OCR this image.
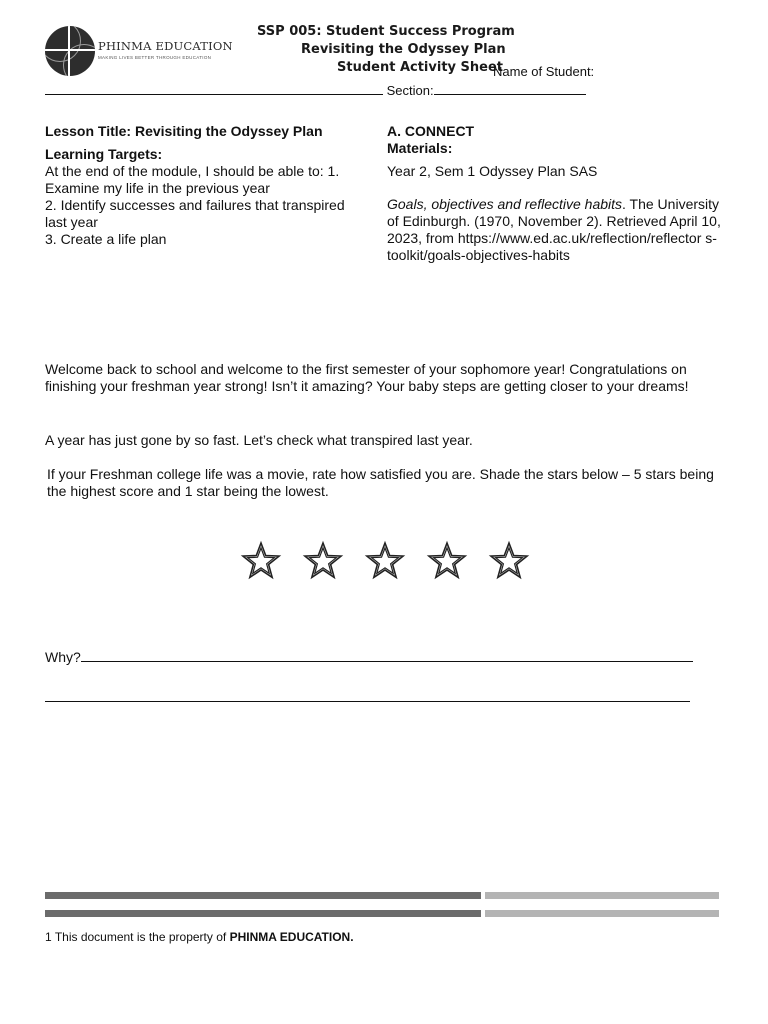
PHINMA EDUCATION
MAKING LIVES BETTER THROUGH EDUCATION
SSP 005: Student Success Program
Revisiting the Odyssey Plan
Student Activity Sheet
Name of Student:
Section:

Lesson Title: Revisiting the Odyssey Plan

Learning Targets:

At the end of the module, I should be able to: 1. Examine my life in the previous year

2. Identify successes and failures that transpired last year

3. Create a life plan

A. CONNECT

Materials:

Year 2, Sem 1 Odyssey Plan SAS

Goals, objectives and reflective habits. The University of Edinburgh. (1970, November 2). Retrieved April 10, 2023, from https://www.ed.ac.uk/reflection/reflector s-toolkit/goals-objectives-habits

Welcome back to school and welcome to the first semester of your sophomore year! Congratulations on finishing your freshman year strong! Isn’t it amazing? Your baby steps are getting closer to your dreams!
A year has just gone by so fast. Let’s check what transpired last year.
If your Freshman college life was a movie, rate how satisfied you are. Shade the stars below – 5 stars being the highest score and 1 star being the lowest.
Why?
1 This document is the property of PHINMA EDUCATION.
